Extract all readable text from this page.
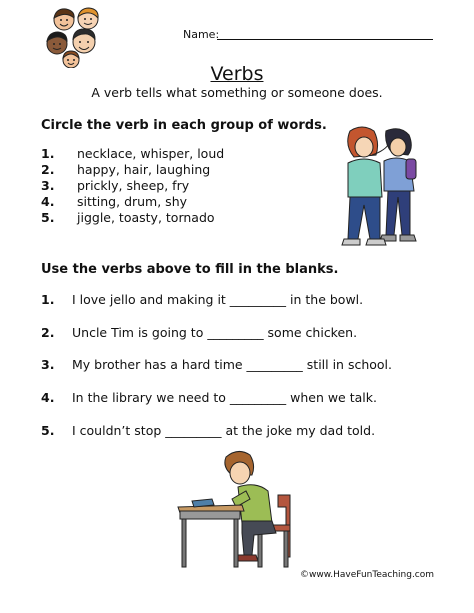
Name:
Verbs
A verb tells what something or someone does.
Circle the verb in each group of words.
1. necklace, whisper, loud
2. happy, hair, laughing
3. prickly, sheep, fry
4. sitting, drum, shy
5. jiggle, toasty, tornado
Use the verbs above to fill in the blanks.
1. I love jello and making it _________ in the bowl.
2. Uncle Tim is going to _________ some chicken.
3. My brother has a hard time _________ still in school.
4. In the library we need to _________ when we talk.
5. I couldn’t stop _________ at the joke my dad told.
©www.HaveFunTeaching.com
